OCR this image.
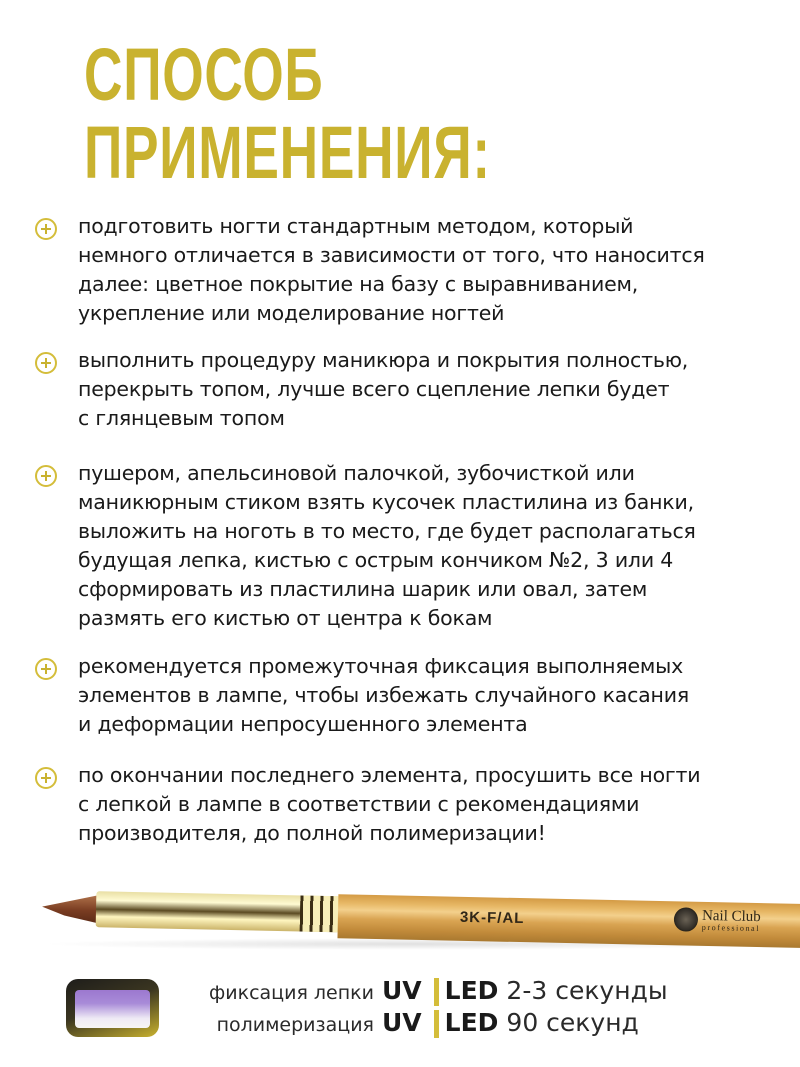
СПОСОБ
ПРИМЕНЕНИЯ:
подготовить ногти стандартным методом, который
немного отличается в зависимости от того, что наносится
далее: цветное покрытие на базу с выравниванием,
укрепление или моделирование ногтей
выполнить процедуру маникюра и покрытия полностью,
перекрыть топом, лучше всего сцепление лепки будет
с глянцевым топом
пушером, апельсиновой палочкой, зубочисткой или
маникюрным стиком взять кусочек пластилина из банки,
выложить на ноготь в то место, где будет располагаться
будущая лепка, кистью с острым кончиком №2, 3 или 4
сформировать из пластилина шарик или овал, затем
размять его кистью от центра к бокам
рекомендуется промежуточная фиксация выполняемых
элементов в лампе, чтобы избежать случайного касания
и деформации непросушенного элемента
по окончании последнего элемента, просушить все ногти
с лепкой в лампе в соответствии с рекомендациями
производителя, до полной полимеризации!
3K-F/AL	Nail Club
professional
фиксация лепки UV LED 2-3 секунды
полимеризация UV LED 90 секунд
